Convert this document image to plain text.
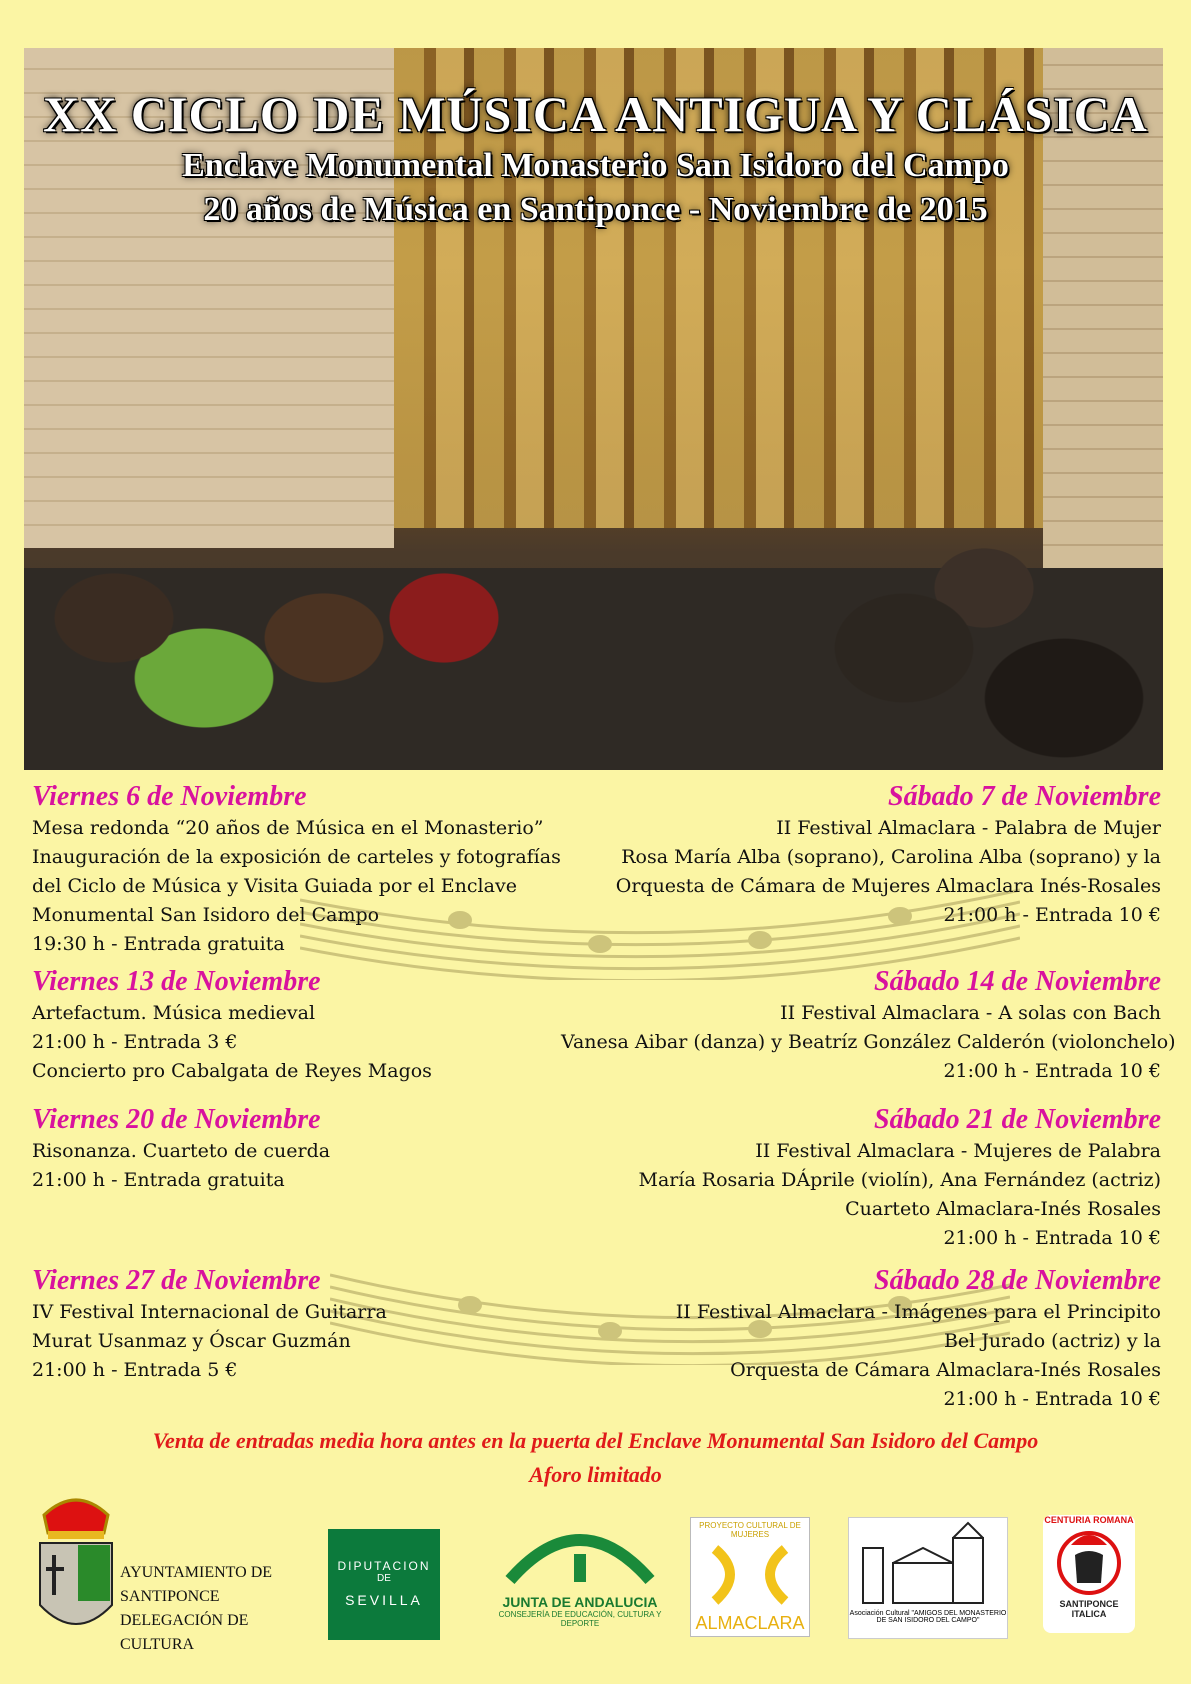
XX CICLO DE MÚSICA ANTIGUA Y CLÁSICA
Enclave Monumental Monasterio San Isidoro del Campo
20 años de Música en Santiponce - Noviembre de 2015
Viernes 6 de Noviembre
Mesa redonda “20 años de Música en el Monasterio”
Inauguración de la exposición de carteles y fotografías
del Ciclo de Música y Visita Guiada por el Enclave
Monumental San Isidoro del Campo
19:30 h - Entrada gratuita
Viernes 13 de Noviembre
Artefactum. Música medieval
21:00 h - Entrada 3 €
Concierto pro Cabalgata de Reyes Magos
Viernes 20 de Noviembre
Risonanza. Cuarteto de cuerda
21:00 h - Entrada gratuita
Viernes 27 de Noviembre
IV Festival Internacional de Guitarra
Murat Usanmaz y Óscar Guzmán
21:00 h - Entrada 5 €
Sábado 7 de Noviembre
II Festival Almaclara - Palabra de Mujer
Rosa María Alba (soprano), Carolina Alba (soprano) y la
Orquesta de Cámara de Mujeres Almaclara Inés-Rosales
21:00 h - Entrada 10 €
Sábado 14 de Noviembre
II Festival Almaclara - A solas con Bach
Vanesa Aibar (danza) y Beatríz González Calderón (violonchelo)
21:00 h - Entrada 10 €
Sábado 21 de Noviembre
II Festival Almaclara - Mujeres de Palabra
María Rosaria DÁprile (violín), Ana Fernández (actriz)
Cuarteto Almaclara-Inés Rosales
21:00 h - Entrada 10 €
Sábado 28 de Noviembre
II Festival Almaclara - Imágenes para el Principito
Bel Jurado (actriz) y la
Orquesta de Cámara Almaclara-Inés Rosales
21:00 h - Entrada 10 €
Venta de entradas media hora antes en la puerta del Enclave Monumental San Isidoro del Campo
Aforo limitado
AYUNTAMIENTO DE SANTIPONCE
DELEGACIÓN DE CULTURA
DIPUTACION
DE
SEVILLA	JUNTA DE ANDALUCIA
CONSEJERÍA DE EDUCACIÓN, CULTURA Y DEPORTE
PROYECTO CULTURAL DE MUJERES
ALMACLARA	Asociación Cultural "AMIGOS DEL MONASTERIO
DE SAN ISIDORO DEL CAMPO"
CENTURIA ROMANA
SANTIPONCE
ITALICA
